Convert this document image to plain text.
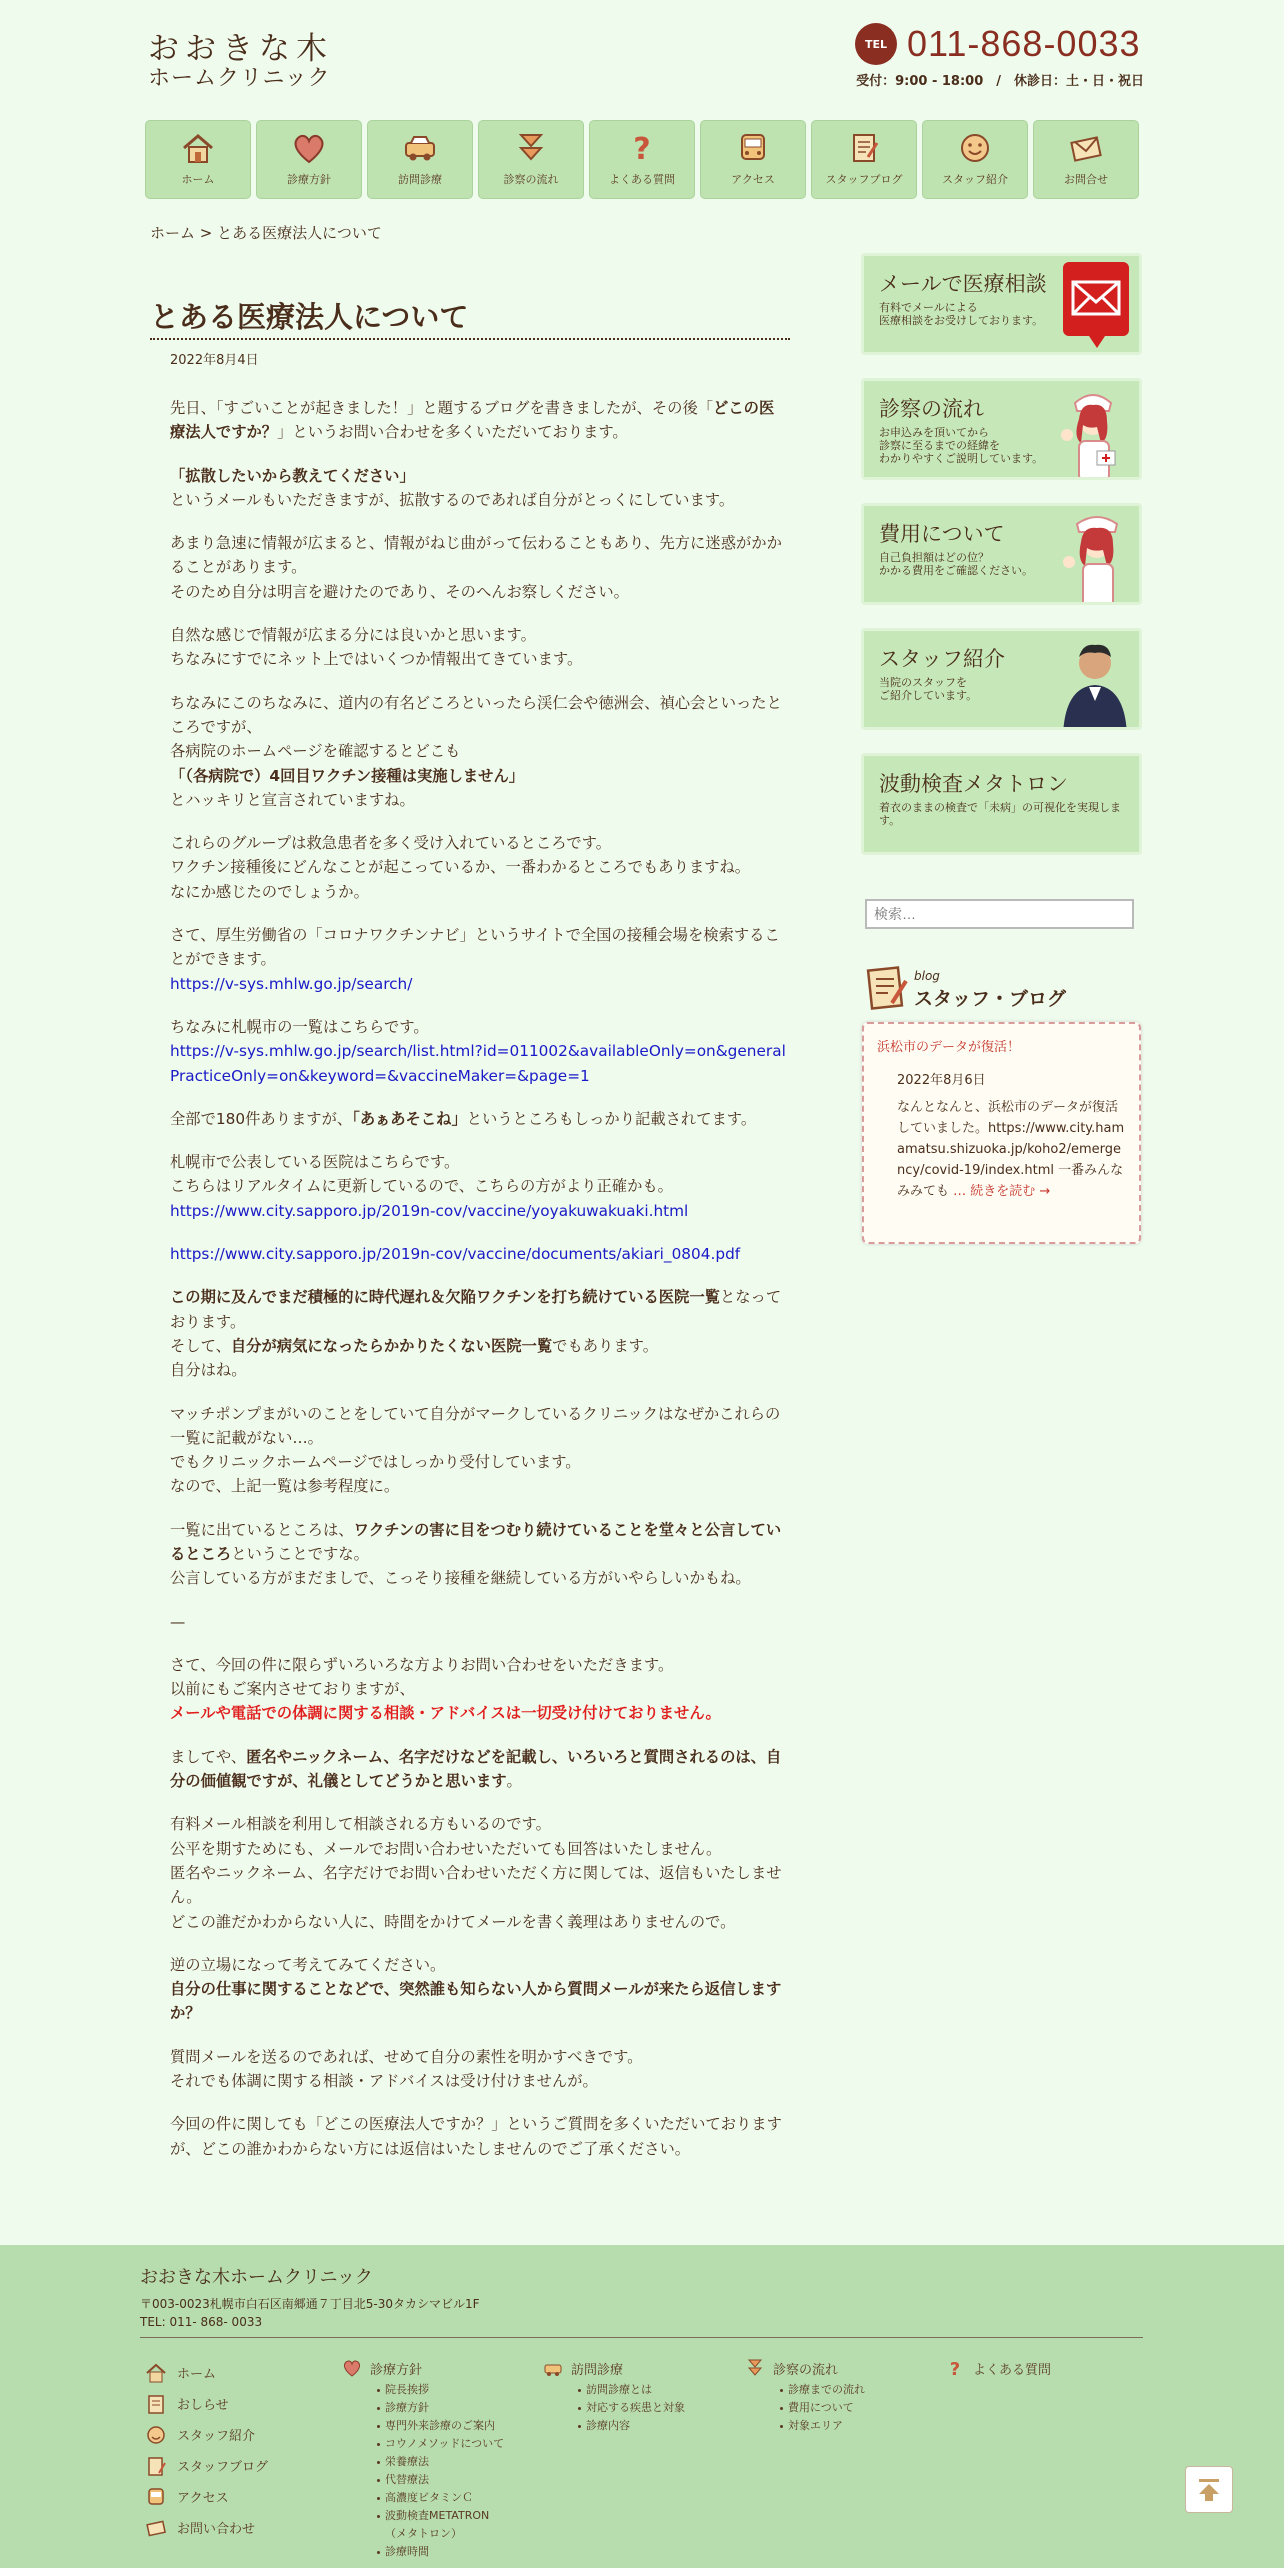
おおきな木
ホームクリニック
TEL 011-868-0033
受付：9:00 - 18:00　/　休診日：土・日・祝日
ホーム	診療方針	訪問診療	診察の流れ
?
よくある質問	アクセス	スタッフブログ	スタッフ紹介	お問合せ
ホーム > とある医療法人について
とある医療法人について
2022年8月4日

先日、「すごいことが起きました！」と題するブログを書きましたが、その後「どこの医療法人ですか？」というお問い合わせを多くいただいております。

「拡散したいから教えてください」
というメールもいただきますが、拡散するのであれば自分がとっくにしています。

あまり急速に情報が広まると、情報がねじ曲がって伝わることもあり、先方に迷惑がかかることがあります。
そのため自分は明言を避けたのであり、そのへんお察しください。

自然な感じで情報が広まる分には良いかと思います。
ちなみにすでにネット上ではいくつか情報出てきています。

ちなみにこのちなみに、道内の有名どころといったら渓仁会や徳洲会、禎心会といったところですが、
各病院のホームページを確認するとどこも
「（各病院で）4回目ワクチン接種は実施しません」
とハッキリと宣言されていますね。

これらのグループは救急患者を多く受け入れているところです。
ワクチン接種後にどんなことが起こっているか、一番わかるところでもありますね。
なにか感じたのでしょうか。

さて、厚生労働省の「コロナワクチンナビ」というサイトで全国の接種会場を検索することができます。
https://v-sys.mhlw.go.jp/search/

ちなみに札幌市の一覧はこちらです。
https://v-sys.mhlw.go.jp/search/list.html?id=011002&availableOnly=on&generalPracticeOnly=on&keyword=&vaccineMaker=&page=1

全部で180件ありますが、「あぁあそこね」というところもしっかり記載されてます。

札幌市で公表している医院はこちらです。
こちらはリアルタイムに更新しているので、こちらの方がより正確かも。
https://www.city.sapporo.jp/2019n-cov/vaccine/yoyakuwakuaki.html

https://www.city.sapporo.jp/2019n-cov/vaccine/documents/akiari_0804.pdf

この期に及んでまだ積極的に時代遅れ＆欠陥ワクチンを打ち続けている医院一覧となっております。
そして、自分が病気になったらかかりたくない医院一覧でもあります。
自分はね。

マッチポンプまがいのことをしていて自分がマークしているクリニックはなぜかこれらの一覧に記載がない…。
でもクリニックホームページではしっかり受付しています。
なので、上記一覧は参考程度に。

一覧に出ているところは、ワクチンの害に目をつむり続けていることを堂々と公言しているところということですな。
公言している方がまだましで、こっそり接種を継続している方がいやらしいかもね。

—

さて、今回の件に限らずいろいろな方よりお問い合わせをいただきます。
以前にもご案内させておりますが、
メールや電話での体調に関する相談・アドバイスは一切受け付けておりません。

ましてや、匿名やニックネーム、名字だけなどを記載し、いろいろと質問されるのは、自分の価値観ですが、礼儀としてどうかと思います。

有料メール相談を利用して相談される方もいるのです。
公平を期すためにも、メールでお問い合わせいただいても回答はいたしません。
匿名やニックネーム、名字だけでお問い合わせいただく方に関しては、返信もいたしません。
どこの誰だかわからない人に、時間をかけてメールを書く義理はありませんので。

逆の立場になって考えてみてください。
自分の仕事に関することなどで、突然誰も知らない人から質問メールが来たら返信しますか？

質問メールを送るのであれば、せめて自分の素性を明かすべきです。
それでも体調に関する相談・アドバイスは受け付けませんが。

今回の件に関しても「どこの医療法人ですか？」というご質問を多くいただいておりますが、どこの誰かわからない方には返信はいたしませんのでご了承ください。

メールで医療相談

有料でメールによる
医療相談をお受けしております。

診察の流れ

お申込みを頂いてから
診察に至るまでの経緯を
わかりやすくご説明しています。

費用について

自己負担額はどの位？
かかる費用をご確認ください。

スタッフ紹介

当院のスタッフを
ご紹介しています。

波動検査メタトロン

着衣のままの検査で「未病」の可視化を実現します。

検索…
blog
スタッフ・ブログ
浜松市のデータが復活！
2022年8月6日
なんとなんと、浜松市のデータが復活していました。https://www.city.hamamatsu.shizuoka.jp/koho2/emergency/covid-19/index.html 一番みんなみみても … 続きを読む →
おおきな木ホームクリニック
〒003-0023札幌市白石区南郷通７丁目北5-30タカシマビル1F
TEL: 011- 868- 0033
ホーム
おしらせ
スタッフ紹介
スタッフブログ
アクセス
お問い合わせ
診療方針
院長挨拶
診療方針
専門外来診療のご案内
コウノメソッドについて
栄養療法
代替療法
高濃度ビタミンＣ
波動検査METATRON（メタトロン）
診療時間
訪問診療
訪問診療とは
対応する疾患と対象
診療内容
診察の流れ
診療までの流れ
費用について
対象エリア
? よくある質問
